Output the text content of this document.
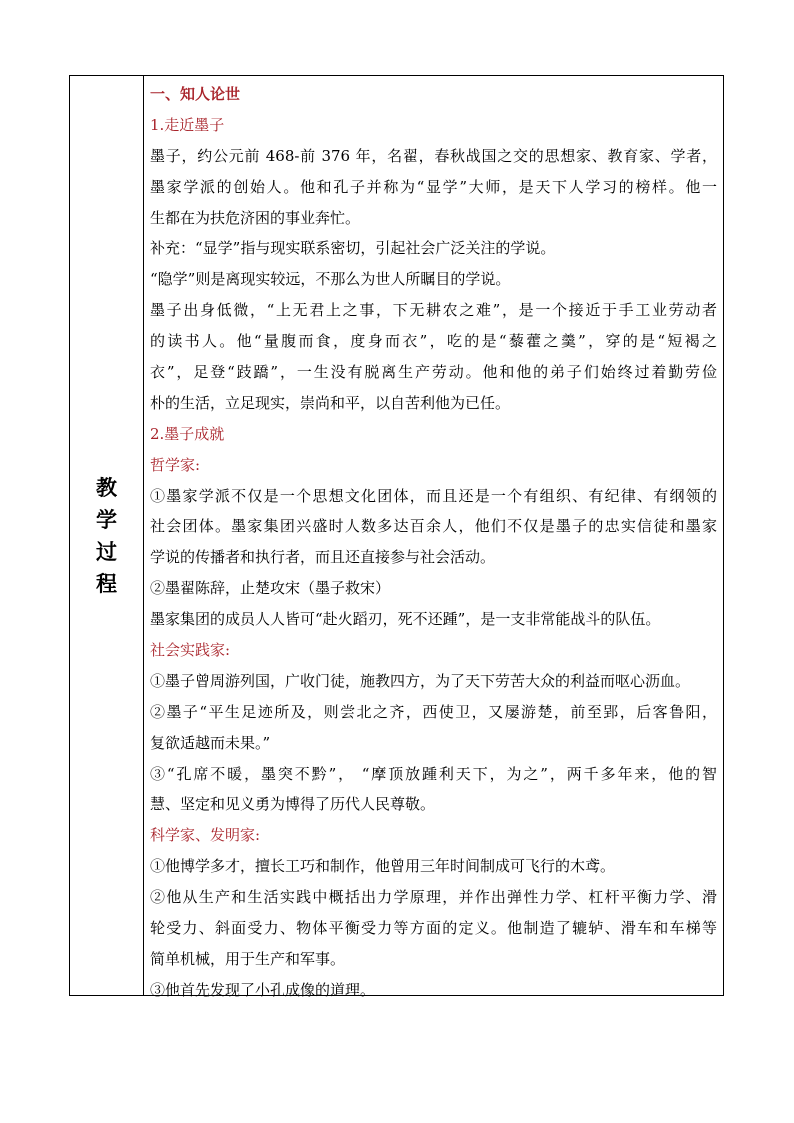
教
学
过
程
一、知人论世
1.走近墨子
墨子，约公元前 468-前 376 年，名翟，春秋战国之交的思想家、教育家、学者，
墨家学派的创始人。他和孔子并称为“显学”大师，是天下人学习的榜样。他一
生都在为扶危济困的事业奔忙。
补充：“显学”指与现实联系密切，引起社会广泛关注的学说。
“隐学”则是离现实较远，不那么为世人所瞩目的学说。
墨子出身低微，“上无君上之事，下无耕农之难”，是一个接近于手工业劳动者
的读书人。他“量腹而食，度身而衣”，吃的是“藜藿之羹”，穿的是“短褐之
衣”，足登“跂蹻”，一生没有脱离生产劳动。他和他的弟子们始终过着勤劳俭
朴的生活，立足现实，崇尚和平，以自苦利他为已任。
2.墨子成就
哲学家:
①墨家学派不仅是一个思想文化团体，而且还是一个有组织、有纪律、有纲领的
社会团体。墨家集团兴盛时人数多达百余人，他们不仅是墨子的忠实信徒和墨家
学说的传播者和执行者，而且还直接参与社会活动。
②墨翟陈辞，止楚攻宋（墨子救宋）
墨家集团的成员人人皆可“赴火蹈刃，死不还踵”，是一支非常能战斗的队伍。
社会实践家:
①墨子曾周游列国，广收门徒，施教四方，为了天下劳苦大众的利益而呕心沥血。
②墨子“平生足迹所及，则尝北之齐，西使卫，又屡游楚，前至郢，后客鲁阳，
复欲适越而未果。”
③“孔席不暖，墨突不黔”， “摩顶放踵利天下，为之”，两千多年来，他的智
慧、坚定和见义勇为博得了历代人民尊敬。
科学家、发明家:
①他博学多才，擅长工巧和制作，他曾用三年时间制成可飞行的木鸢。
②他从生产和生活实践中概括出力学原理，并作出弹性力学、杠杆平衡力学、滑
轮受力、斜面受力、物体平衡受力等方面的定义。他制造了辘轳、滑车和车梯等
简单机械，用于生产和军事。
③他首先发现了小孔成像的道理。
